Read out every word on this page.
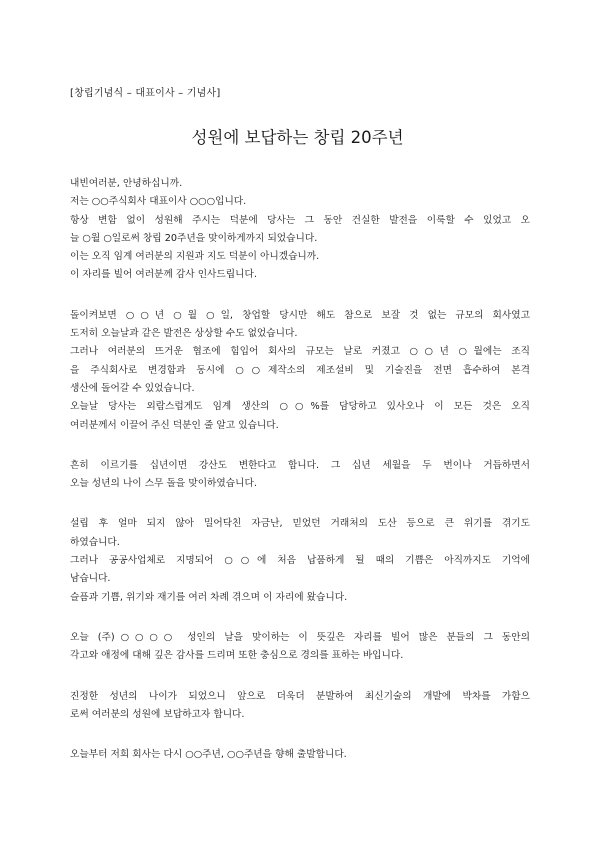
[창립기념식 – 대표이사 – 기념사]
성원에 보답하는 창립 20주년
내빈여러분, 안녕하십니까.
저는 ○○주식회사 대표이사 ○○○입니다.
항상 변함 없이 성원해 주시는 덕분에 당사는 그 동안 건실한 발전을 이룩할 수 있었고 오
늘 ○월 ○일로써 창립 20주년을 맞이하게까지 되었습니다.
이는 오직 임계 여러분의 지원과 지도 덕분이 아니겠습니까.
이 자리를 빌어 여러분께 감사 인사드립니다.
돌이켜보면 ○○년 ○월 ○일, 창업할 당시만 해도 참으로 보잘 것 없는 규모의 회사였고
도저히 오늘날과 같은 발전은 상상할 수도 없었습니다.
그러나 여러분의 뜨거운 협조에 힘입어 회사의 규모는 날로 커졌고 ○○년 ○월에는 조직
을 주식회사로 변경함과 동시에 ○○제작소의 제조설비 및 기술진을 전면 흡수하여 본격
생산에 돌어갈 수 있었습니다.
오늘날 당사는 외람스럽게도 임계 생산의 ○○%를 담당하고 있사오나 이 모든 것은 오직
여러분께서 이끌어 주신 덕분인 줄 알고 있습니다.
흔히 이르기를 십년이면 강산도 변한다고 합니다. 그 십년 세월을 두 번이나 거듭하면서
오늘 성년의 나이 스무 돌을 맞이하였습니다.
설립 후 얼마 되지 않아 밀어닥친 자금난, 믿었던 거래처의 도산 등으로 큰 위기를 겪기도
하였습니다.
그러나 공공사업체로 지명되어 ○○에 처음 납품하게 될 때의 기쁨은 아직까지도 기억에
남습니다.
슬픔과 기쁨, 위기와 재기를 여러 차례 겪으며 이 자리에 왔습니다.
오늘 (주)○○○○ 성인의 날을 맞이하는 이 뜻깊은 자리를 빌어 많은 분들의 그 동안의
각고와 애정에 대해 깊은 감사를 드리며 또한 충심으로 경의를 표하는 바입니다.
진정한 성년의 나이가 되었으니 앞으로 더욱더 분발하여 최신기술의 개발에 박차를 가함으
로써 여러분의 성원에 보답하고자 합니다.
오늘부터 저희 회사는 다시 ○○주년, ○○주년을 향해 출발합니다.
